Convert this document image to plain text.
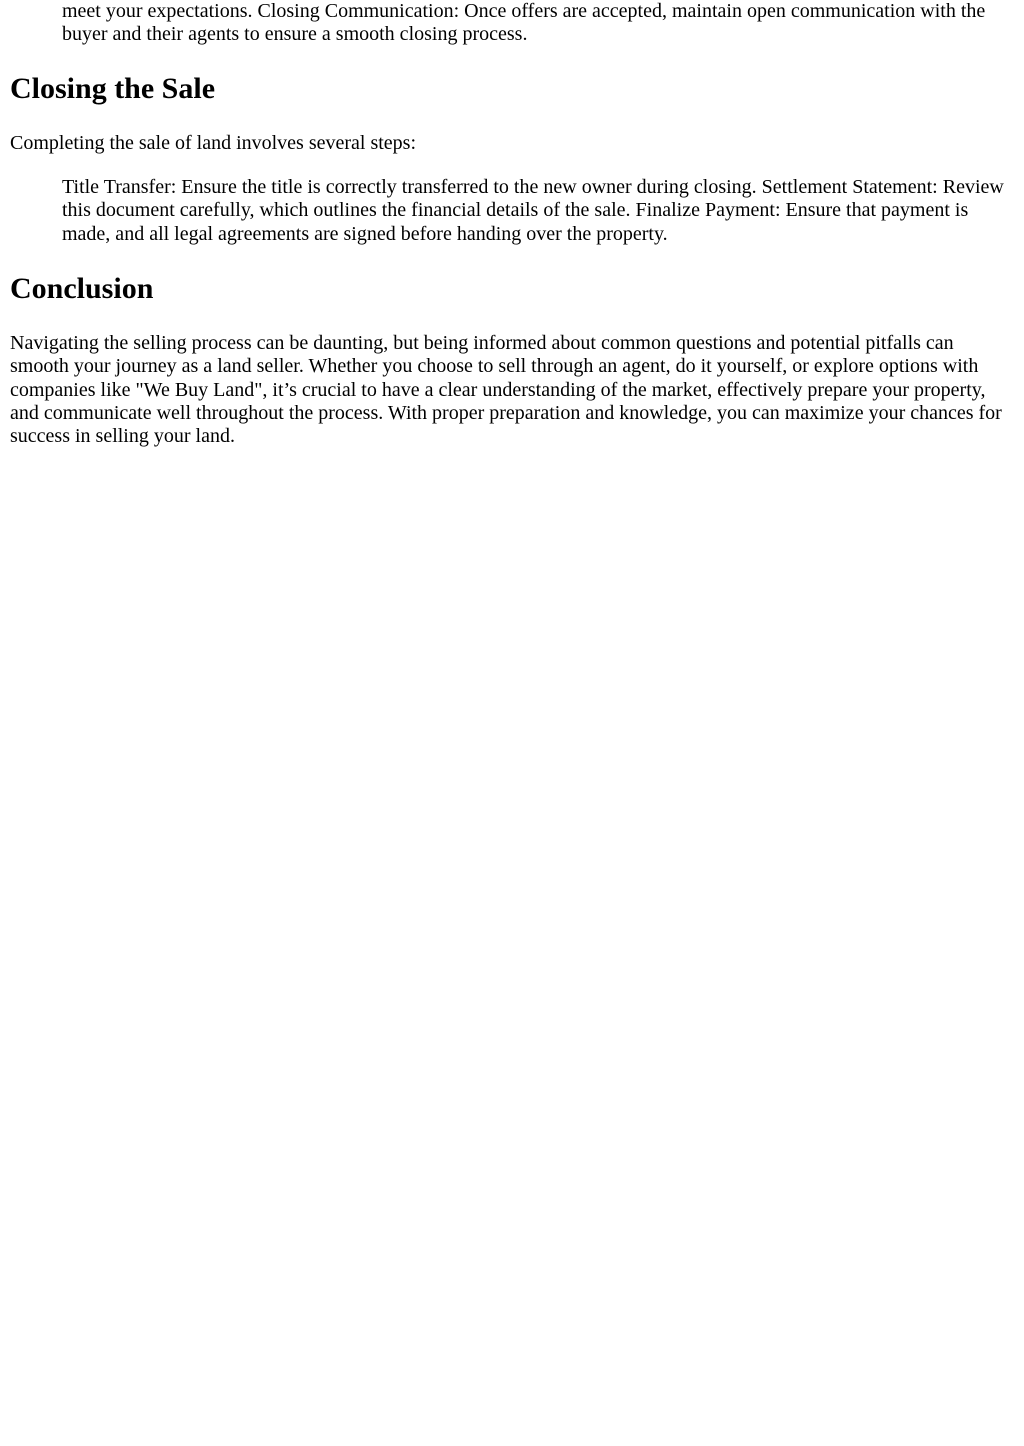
meet your expectations. Closing Communication: Once offers are accepted, maintain open communication with the buyer and their agents to ensure a smooth closing process.
Closing the Sale

Completing the sale of land involves several steps:

Title Transfer: Ensure the title is correctly transferred to the new owner during closing. Settlement Statement: Review this document carefully, which outlines the financial details of the sale. Finalize Payment: Ensure that payment is made, and all legal agreements are signed before handing over the property.
Conclusion

Navigating the selling process can be daunting, but being informed about common questions and potential pitfalls can smooth your journey as a land seller. Whether you choose to sell through an agent, do it yourself, or explore options with companies like "We Buy Land", it’s crucial to have a clear understanding of the market, effectively prepare your property, and communicate well throughout the process. With proper preparation and knowledge, you can maximize your chances for success in selling your land.
